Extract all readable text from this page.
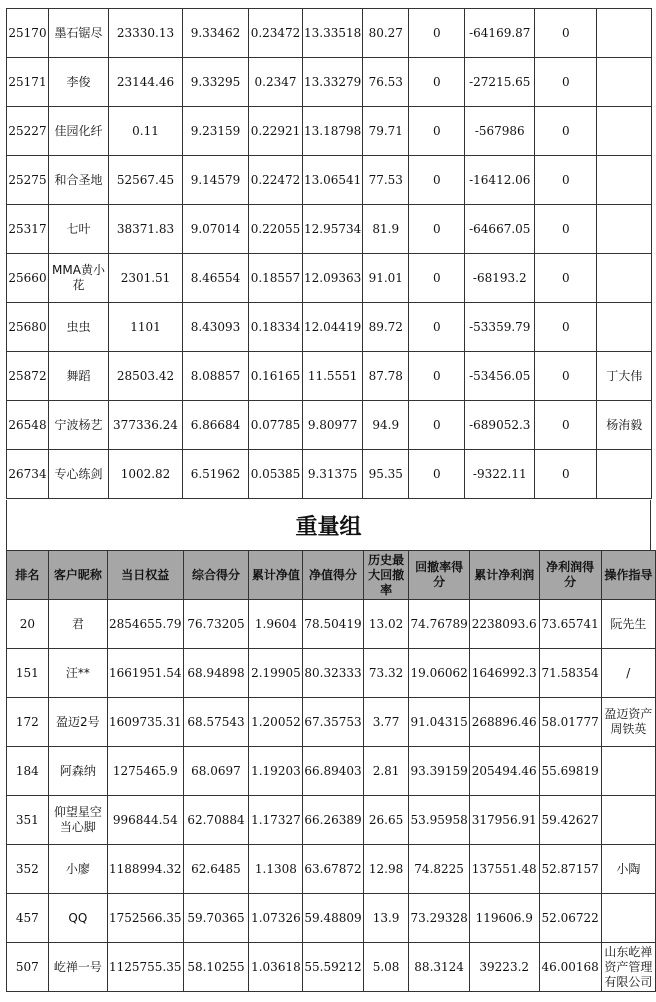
25170	墨石锯尽	23330.13	9.33462	0.23472	13.33518	80.27	0	-64169.87	0	
25171	李俊	23144.46	9.33295	0.2347	13.33279	76.53	0	-27215.65	0	
25227	佳园化纤	0.11	9.23159	0.22921	13.18798	79.71	0	-567986	0	
25275	和合圣地	52567.45	9.14579	0.22472	13.06541	77.53	0	-16412.06	0	
25317	七叶	38371.83	9.07014	0.22055	12.95734	81.9	0	-64667.05	0	
25660	MMA黄小花	2301.51	8.46554	0.18557	12.09363	91.01	0	-68193.2	0	
25680	虫虫	1101	8.43093	0.18334	12.04419	89.72	0	-53359.79	0	
25872	舞蹈	28503.42	8.08857	0.16165	11.5551	87.78	0	-53456.05	0	丁大伟
26548	宁波杨艺	377336.24	6.86684	0.07785	9.80977	94.9	0	-689052.3	0	杨洧毅
26734	专心练剑	1002.82	6.51962	0.05385	9.31375	95.35	0	-9322.11	0	
重量组
排名	客户昵称	当日权益	综合得分	累计净值	净值得分	历史最大回撤率	回撤率得分	累计净利润	净利润得分	操作指导
20	君	2854655.79	76.73205	1.9604	78.50419	13.02	74.76789	2238093.6	73.65741	阮先生
151	汪**	1661951.54	68.94898	2.19905	80.32333	73.32	19.06062	1646992.3	71.58354	/
172	盈迈2号	1609735.31	68.57543	1.20052	67.35753	3.77	91.04315	268896.46	58.01777	盈迈资产周铁英
184	阿森纳	1275465.9	68.0697	1.19203	66.89403	2.81	93.39159	205494.46	55.69819	
351	仰望星空当心脚	996844.54	62.70884	1.17327	66.26389	26.65	53.95958	317956.91	59.42627	
352	小廖	1188994.32	62.6485	1.1308	63.67872	12.98	74.8225	137551.48	52.87157	小陶
457	QQ	1752566.35	59.70365	1.07326	59.48809	13.9	73.29328	119606.9	52.06722	
507	屹禅一号	1125755.35	58.10255	1.03618	55.59212	5.08	88.3124	39223.2	46.00168	山东屹禅资产管理有限公司
